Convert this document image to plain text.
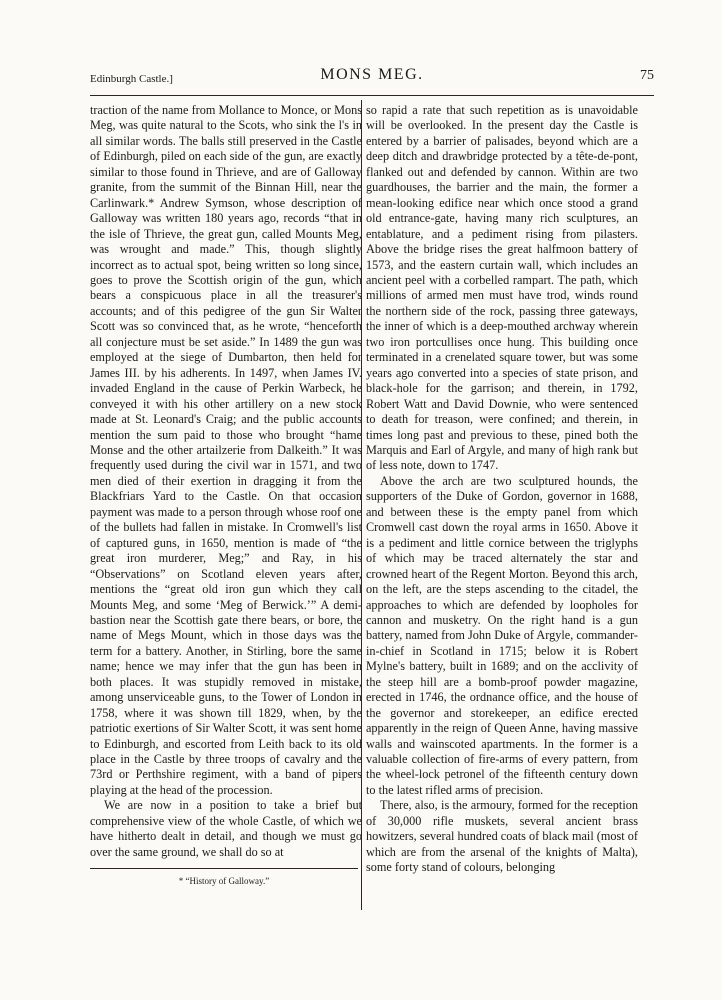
Edinburgh Castle.]	MONS MEG.	75

traction of the name from Mollance to Monce, or Mons Meg, was quite natural to the Scots, who sink the l's in all similar words. The balls still preserved in the Castle of Edinburgh, piled on each side of the gun, are exactly similar to those found in Thrieve, and are of Galloway granite, from the summit of the Binnan Hill, near the Carlinwark.* Andrew Symson, whose description of Galloway was written 180 years ago, records “that in the isle of Thrieve, the great gun, called Mounts Meg, was wrought and made.” This, though slightly incorrect as to actual spot, being written so long since, goes to prove the Scottish origin of the gun, which bears a conspicuous place in all the treasurer's accounts; and of this pedigree of the gun Sir Walter Scott was so convinced that, as he wrote, “henceforth all conjecture must be set aside.” In 1489 the gun was employed at the siege of Dumbarton, then held for James III. by his adherents. In 1497, when James IV. invaded England in the cause of Perkin Warbeck, he conveyed it with his other artillery on a new stock made at St. Leonard's Craig; and the public accounts mention the sum paid to those who brought “hame Monse and the other artailzerie from Dalkeith.” It was frequently used during the civil war in 1571, and two men died of their exertion in dragging it from the Blackfriars Yard to the Castle. On that occasion payment was made to a person through whose roof one of the bullets had fallen in mistake. In Cromwell's list of captured guns, in 1650, mention is made of “the great iron murderer, Meg;” and Ray, in his “Observations” on Scotland eleven years after, mentions the “great old iron gun which they call Mounts Meg, and some ‘Meg of Berwick.’” A demi-bastion near the Scottish gate there bears, or bore, the name of Megs Mount, which in those days was the term for a battery. Another, in Stirling, bore the same name; hence we may infer that the gun has been in both places. It was stupidly removed in mistake, among unserviceable guns, to the Tower of London in 1758, where it was shown till 1829, when, by the patriotic exertions of Sir Walter Scott, it was sent home to Edinburgh, and escorted from Leith back to its old place in the Castle by three troops of cavalry and the 73rd or Perthshire regiment, with a band of pipers playing at the head of the procession.

We are now in a position to take a brief but comprehensive view of the whole Castle, of which we have hitherto dealt in detail, and though we must go over the same ground, we shall do so at

so rapid a rate that such repetition as is unavoidable will be overlooked. In the present day the Castle is entered by a barrier of palisades, beyond which are a deep ditch and drawbridge protected by a tête-de-pont, flanked out and defended by cannon. Within are two guardhouses, the barrier and the main, the former a mean-looking edifice near which once stood a grand old entrance-gate, having many rich sculptures, an entablature, and a pediment rising from pilasters. Above the bridge rises the great halfmoon battery of 1573, and the eastern curtain wall, which includes an ancient peel with a corbelled rampart. The path, which millions of armed men must have trod, winds round the northern side of the rock, passing three gateways, the inner of which is a deep-mouthed archway wherein two iron portcullises once hung. This building once terminated in a crenelated square tower, but was some years ago converted into a species of state prison, and black-hole for the garrison; and therein, in 1792, Robert Watt and David Downie, who were sentenced to death for treason, were confined; and therein, in times long past and previous to these, pined both the Marquis and Earl of Argyle, and many of high rank but of less note, down to 1747.

Above the arch are two sculptured hounds, the supporters of the Duke of Gordon, governor in 1688, and between these is the empty panel from which Cromwell cast down the royal arms in 1650. Above it is a pediment and little cornice between the triglyphs of which may be traced alternately the star and crowned heart of the Regent Morton. Beyond this arch, on the left, are the steps ascending to the citadel, the approaches to which are defended by loopholes for cannon and musketry. On the right hand is a gun battery, named from John Duke of Argyle, commander-in-chief in Scotland in 1715; below it is Robert Mylne's battery, built in 1689; and on the acclivity of the steep hill are a bomb-proof powder magazine, erected in 1746, the ordnance office, and the house of the governor and storekeeper, an edifice erected apparently in the reign of Queen Anne, having massive walls and wainscoted apartments. In the former is a valuable collection of fire-arms of every pattern, from the wheel-lock petronel of the fifteenth century down to the latest rifled arms of precision.

There, also, is the armoury, formed for the reception of 30,000 rifle muskets, several ancient brass howitzers, several hundred coats of black mail (most of which are from the arsenal of the knights of Malta), some forty stand of colours, belonging

* “History of Galloway.”
